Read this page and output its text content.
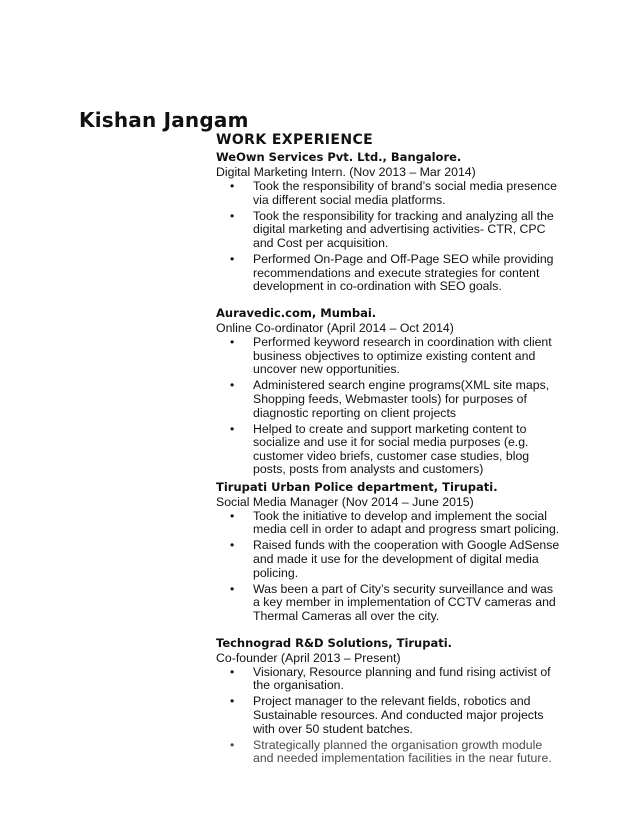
Kishan Jangam
WORK EXPERIENCE

WeOwn Services Pvt. Ltd., Bangalore.

Digital Marketing Intern. (Nov 2013 – Mar 2014)

• Took the responsibility of brand’s social media presence via different social media platforms.
• Took the responsibility for tracking and analyzing all the digital marketing and advertising activities- CTR, CPC and Cost per acquisition.
• Performed On-Page and Off-Page SEO while providing recommendations and execute strategies for content development in co-ordination with SEO goals.

Auravedic.com, Mumbai.

Online Co-ordinator (April 2014 – Oct 2014)

• Performed keyword research in coordination with client business objectives to optimize existing content and uncover new opportunities.
• Administered search engine programs(XML site maps, Shopping feeds, Webmaster tools) for purposes of diagnostic reporting on client projects
• Helped to create and support marketing content to socialize and use it for social media purposes (e.g. customer video briefs, customer case studies, blog posts, posts from analysts and customers)

Tirupati Urban Police department, Tirupati.

Social Media Manager (Nov 2014 – June 2015)

• Took the initiative to develop and implement the social media cell in order to adapt and progress smart policing.
• Raised funds with the cooperation with Google AdSense and made it use for the development of digital media policing.
• Was been a part of City’s security surveillance and was a key member in implementation of CCTV cameras and Thermal Cameras all over the city.

Technograd R&D Solutions, Tirupati.

Co-founder (April 2013 – Present)

• Visionary, Resource planning and fund rising activist of the organisation.
• Project manager to the relevant fields, robotics and Sustainable resources. And conducted major projects with over 50 student batches.
• Strategically planned the organisation growth module and needed implementation facilities in the near future.
